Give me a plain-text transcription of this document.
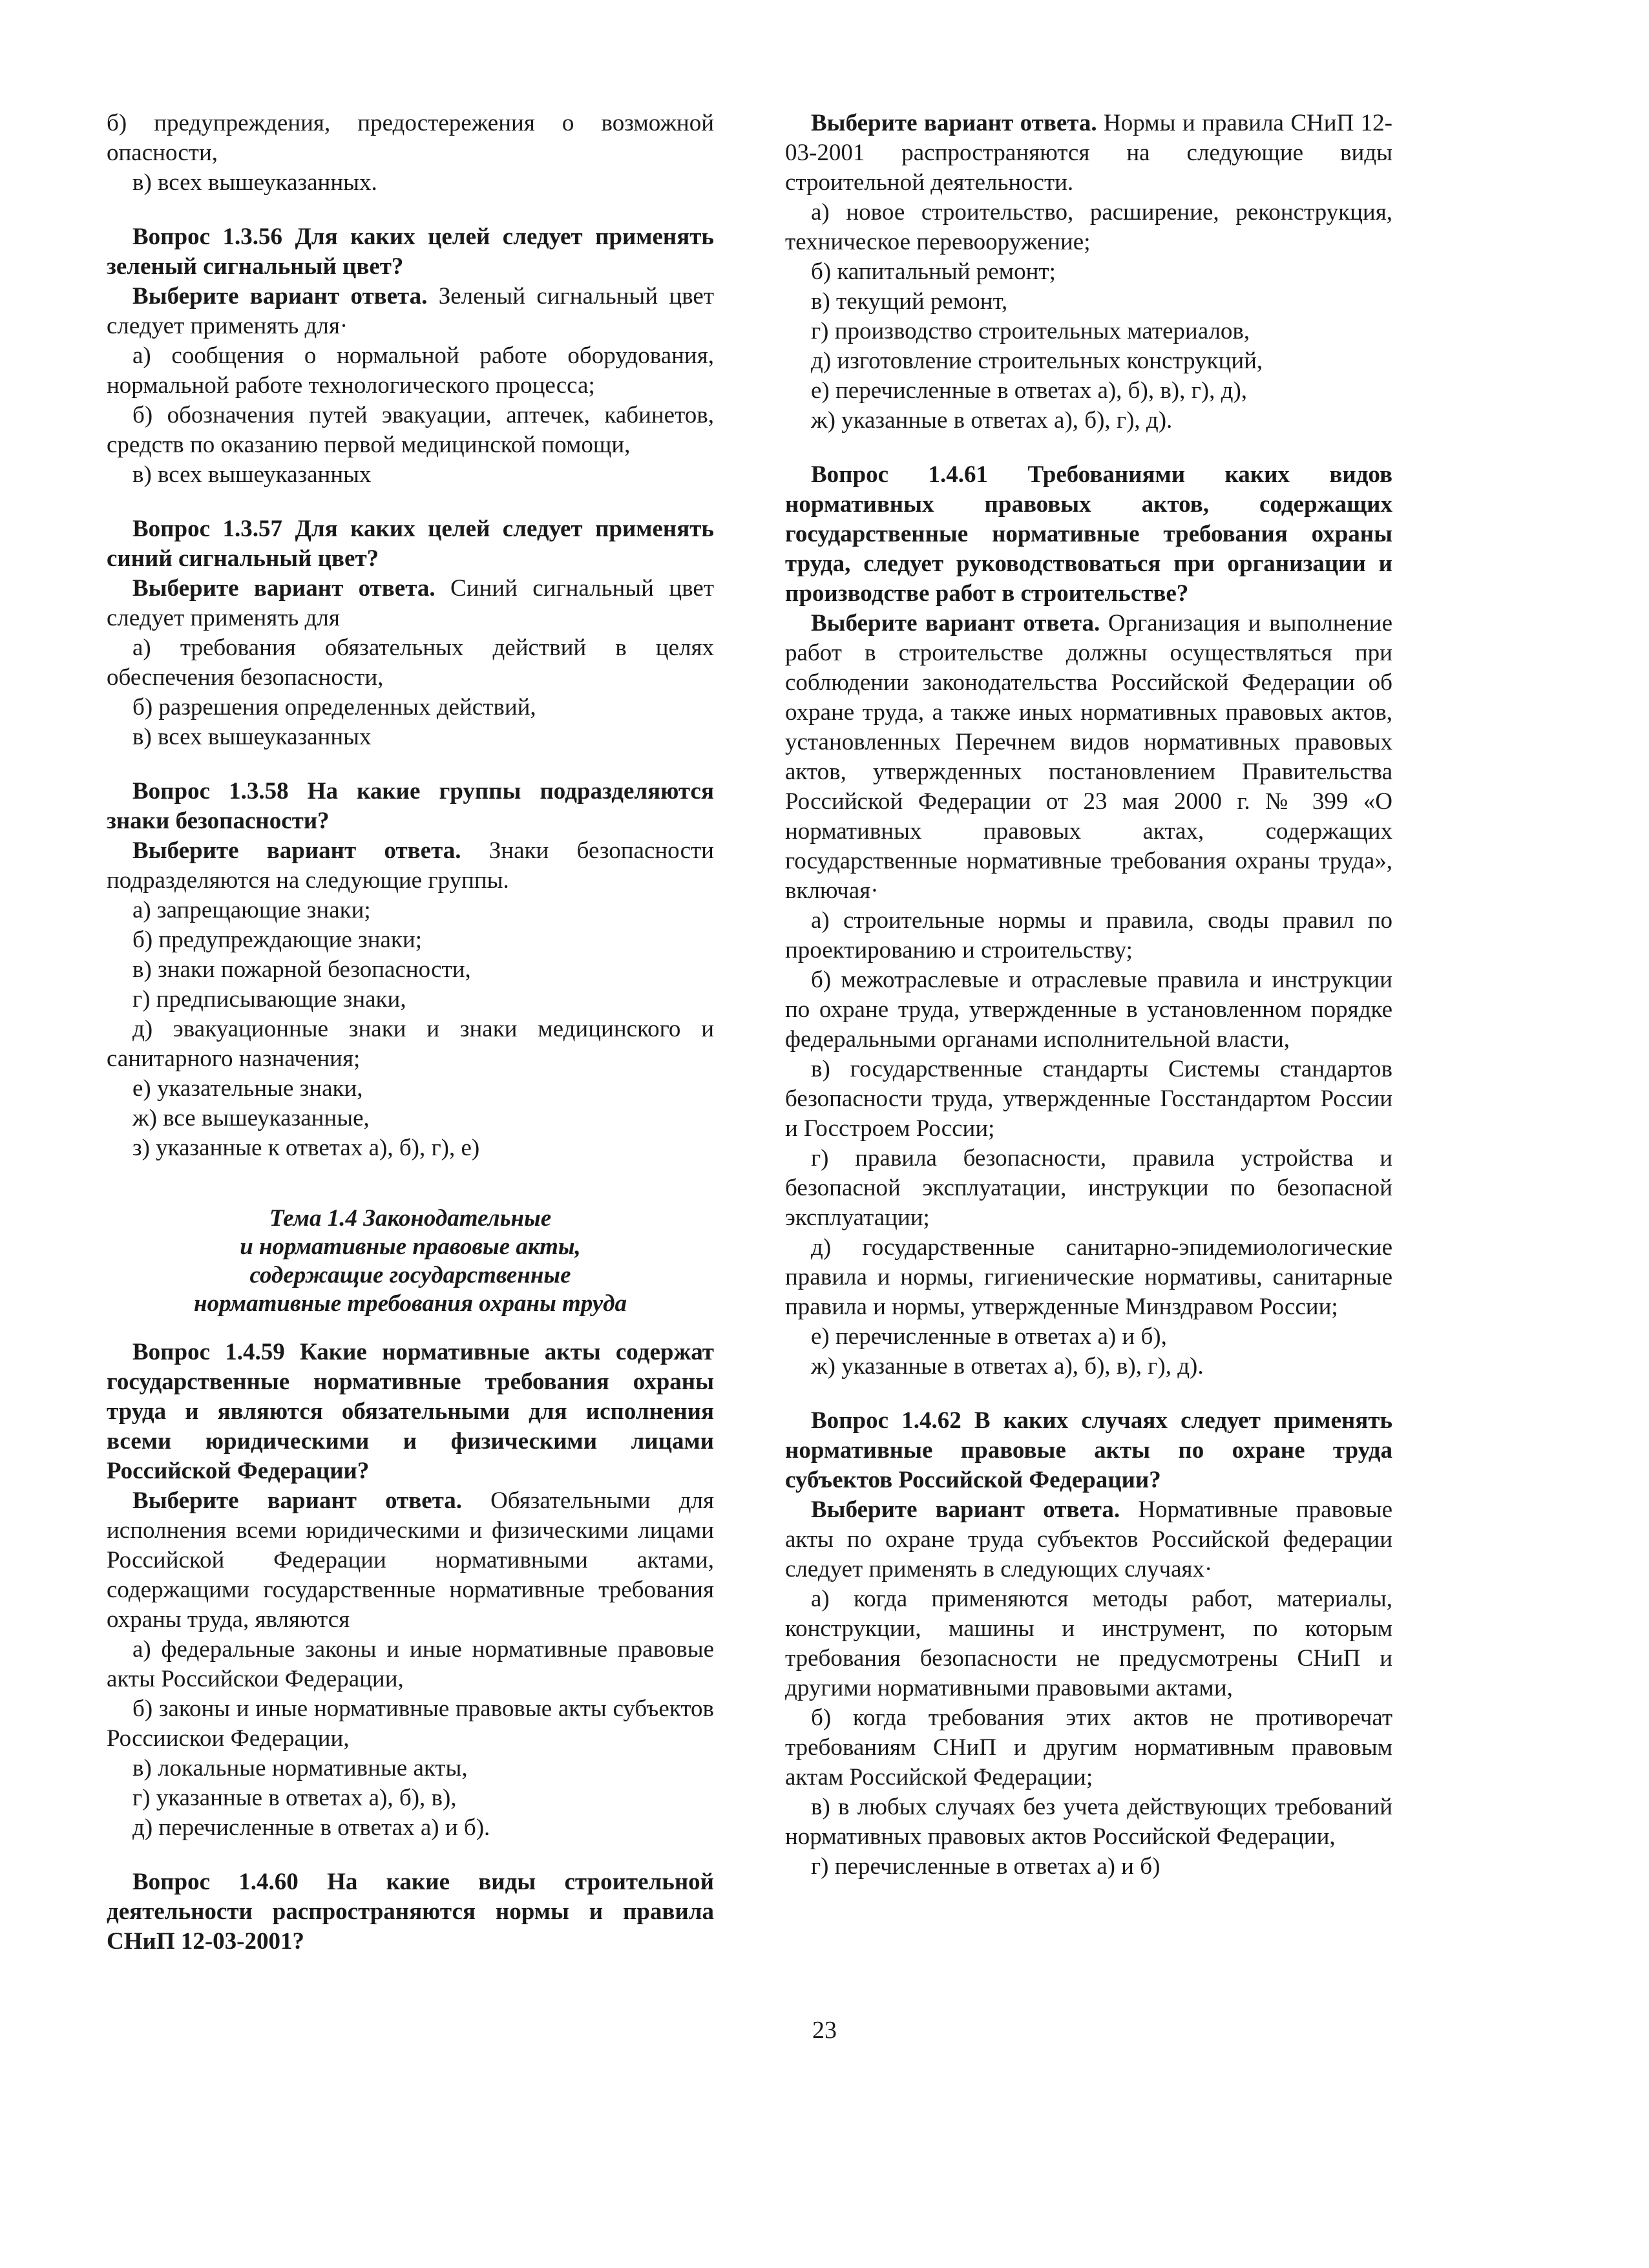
б) предупреждения, предостережения о возможной опасности,

в) всех вышеуказанных.

Вопрос 1.3.56 Для каких целей следует применять зеленый сигнальный цвет?

Выберите вариант ответа. Зеленый сигнальный цвет следует применять для·

а) сообщения о нормальной работе оборудования, нормальной работе технологического процесса;

б) обозначения путей эвакуации, аптечек, кабинетов, средств по оказанию первой медицинской помощи,

в) всех вышеуказанных

Вопрос 1.3.57 Для каких целей следует применять синий сигнальный цвет?

Выберите вариант ответа. Синий сигнальный цвет следует применять для

а) требования обязательных действий в целях обеспечения безопасности,

б) разрешения определенных действий,

в) всех вышеуказанных

Вопрос 1.3.58 На какие группы подразделяются знаки безопасности?

Выберите вариант ответа. Знаки безопасности подразделяются на следующие группы.

а) запрещающие знаки;

б) предупреждающие знаки;

в) знаки пожарной безопасности,

г) предписывающие знаки,

д) эвакуационные знаки и знаки медицинского и санитарного назначения;

е) указательные знаки,

ж) все вышеуказанные,

з) указанные к ответах а), б), г), е)

Тема 1.4 Законодательные
и нормативные правовые акты,
содержащие государственные
нормативные требования охраны труда

Вопрос 1.4.59 Какие нормативные акты содержат государственные нормативные требования охраны труда и являются обязательными для исполнения всеми юридическими и физическими лицами Российской Федерации?

Выберите вариант ответа. Обязательными для исполнения всеми юридическими и физическими лицами Российской Федерации нормативными актами, содержащими государственные нормативные требования охраны труда, являются

а) федеральные законы и иные нормативные правовые акты Российскои Федерации,

б) законы и иные нормативные правовые акты субъектов Россиискои Федерации,

в) локальные нормативные акты,

г) указанные в ответах а), б), в),

д) перечисленные в ответах а) и б).

Вопрос 1.4.60 На какие виды строительной деятельности распространяются нормы и правила СНиП 12-03-2001?

Выберите вариант ответа. Нормы и правила СНиП 12-03-2001 распространяются на следующие виды строительной деятельности.

а) новое строительство, расширение, реконструкция, техническое перевооружение;

б) капитальный ремонт;

в) текущий ремонт,

г) производство строительных материалов,

д) изготовление строительных конструкций,

е) перечисленные в ответах а), б), в), г), д),

ж) указанные в ответах а), б), г), д).

Вопрос 1.4.61 Требованиями каких видов нормативных правовых актов, содержащих государственные нормативные требования охраны труда, следует руководствоваться при организации и производстве работ в строительстве?

Выберите вариант ответа. Организация и выполнение работ в строительстве должны осуществляться при соблюдении законодательства Российской Федерации об охране труда, а также иных нормативных правовых актов, установленных Перечнем видов нормативных правовых актов, утвержденных постановлением Правительства Российской Федерации от 23 мая 2000 г. № 399 «О нормативных правовых актах, содержащих государственные нормативные требования охраны труда», включая·

а) строительные нормы и правила, своды правил по проектированию и строительству;

б) межотраслевые и отраслевые правила и инструкции по охране труда, утвержденные в установленном порядке федеральными органами исполнительной власти,

в) государственные стандарты Системы стандартов безопасности труда, утвержденные Госстандартом России и Госстроем России;

г) правила безопасности, правила устройства и безопасной эксплуатации, инструкции по безопасной эксплуатации;

д) государственные санитарно-эпидемиологические правила и нормы, гигиенические нормативы, санитарные правила и нормы, утвержденные Минздравом России;

е) перечисленные в ответах а) и б),

ж) указанные в ответах а), б), в), г), д).

Вопрос 1.4.62 В каких случаях следует применять нормативные правовые акты по охране труда субъектов Российской Федерации?

Выберите вариант ответа. Нормативные правовые акты по охране труда субъектов Российской федерации следует применять в следующих случаях·

а) когда применяются методы работ, материалы, конструкции, машины и инструмент, по которым требования безопасности не предусмотрены СНиП и другими нормативными правовыми актами,

б) когда требования этих актов не противоречат требованиям СНиП и другим нормативным правовым актам Российской Федерации;

в) в любых случаях без учета действующих требований нормативных правовых актов Российской Федерации,

г) перечисленные в ответах а) и б)

23
